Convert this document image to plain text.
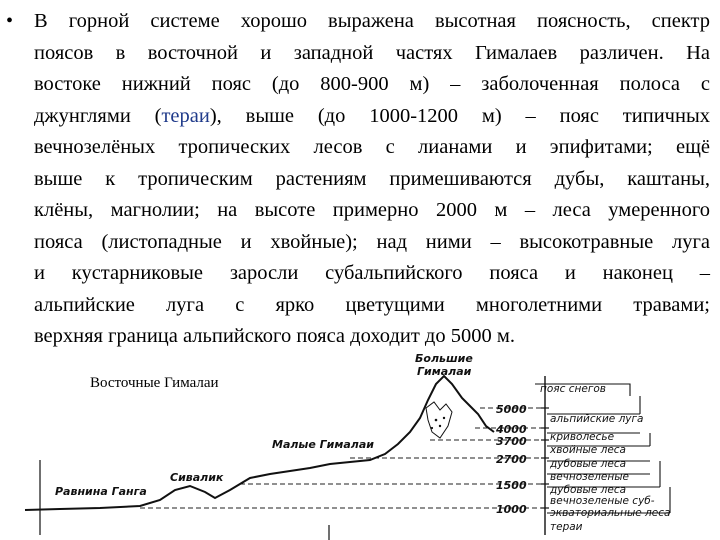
• В горной системе хорошо выражена высотная поясность, спектр
поясов в восточной и западной частях Гималаев различен. На
востоке нижний пояс (до 800-900 м) – заболоченная полоса с
джунглями (тераи), выше (до 1000-1200 м) – пояс типичных
вечнозелёных тропических лесов с лианами и эпифитами; ещё
выше к тропическим растениям примешиваются дубы, каштаны,
клёны, магнолии; на высоте примерно 2000 м – леса умеренного
пояса (листопадные и хвойные); над ними – высокотравные луга
и кустарниковые заросли субальпийского пояса и наконец –
альпийские луга с ярко цветущими многолетними травами;
верхняя граница альпийского пояса доходит до 5000 м.
Восточные Гималаи
5000
4000
3700
2700
1500
1000
пояс снегов
альпийские луга
криволесье
хвойные леса
дубовые леса
вечнозеленые
дубовые леса
вечнозеленые суб-
экваториальные леса
тераи
Большие
Гималаи
Малые Гималаи
Сивалик
Равнина Ганга
